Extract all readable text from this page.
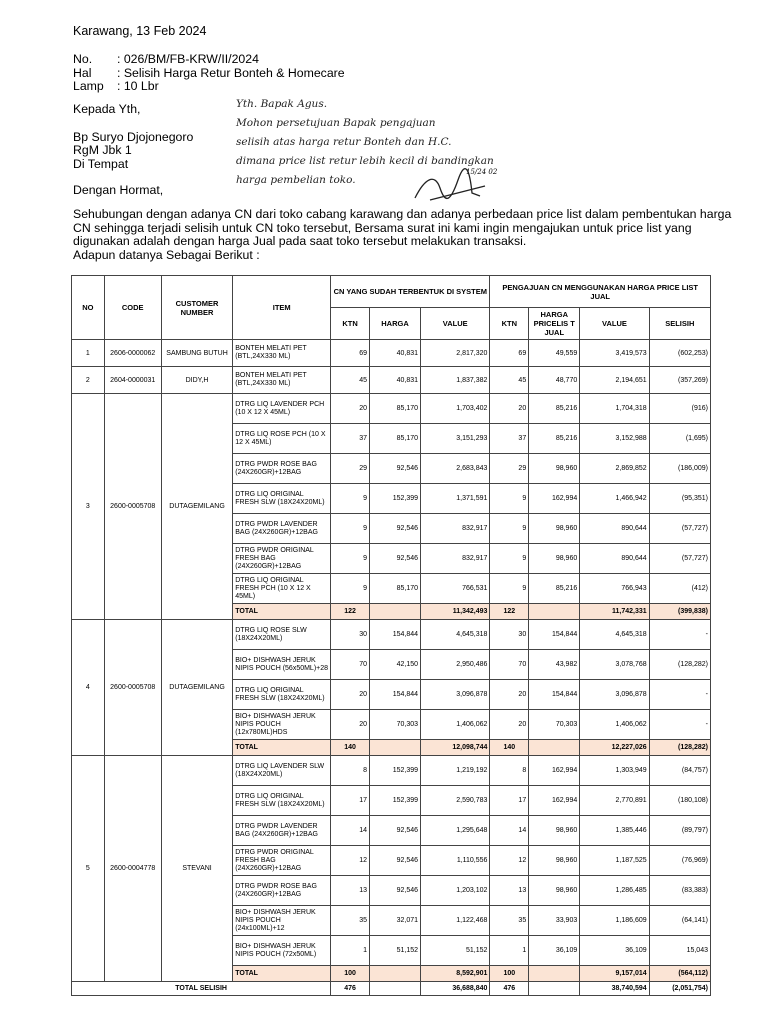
Karawang, 13 Feb 2024
No.	: 026/BM/FB-KRW/II/2024
Hal	: Selisih Harga Retur Bonteh & Homecare
Lamp	: 10 Lbr
Kepada Yth,
Bp Suryo Djojonegoro
RgM Jbk 1
Di Tempat
Yth. Bapak Agus.
Mohon persetujuan Bapak pengajuan
selisih atas harga retur Bonteh dan H.C.
dimana price list retur lebih kecil di bandingkan
harga pembelian toko.
15/24 02
Dengan Hormat,
Sehubungan dengan adanya CN dari toko cabang karawang dan adanya perbedaan price list dalam pembentukan harga CN sehingga terjadi selisih untuk CN toko tersebut, Bersama surat ini kami ingin mengajukan untuk price list yang digunakan adalah dengan harga Jual pada saat toko tersebut melakukan transaksi.
Adapun datanya Sebagai Berikut :
NO	CODE	CUSTOMER NUMBER	ITEM	CN YANG SUDAH TERBENTUK DI SYSTEM			PENGAJUAN CN MENGGUNAKAN HARGA PRICE LIST JUAL			
				KTN	HARGA	VALUE	KTN	HARGA PRICELIS T JUAL	VALUE	SELISIH
1	2606-0000062	SAMBUNG BUTUH	BONTEH MELATI PET (BTL,24X330 ML)	69	40,831	2,817,320	69	49,559	3,419,573	(602,253)
2	2604-0000031	DIDY,H	BONTEH MELATI PET (BTL,24X330 ML)	45	40,831	1,837,382	45	48,770	2,194,651	(357,269)
3	2600-0005708	DUTAGEMILANG	DTRG LIQ LAVENDER PCH (10 X 12 X 45ML)	20	85,170	1,703,402	20	85,216	1,704,318	(916)
			DTRG LIQ ROSE PCH (10 X 12 X 45ML)	37	85,170	3,151,293	37	85,216	3,152,988	(1,695)
			DTRG PWDR ROSE BAG (24X260GR)+12BAG	29	92,546	2,683,843	29	98,960	2,869,852	(186,009)
			DTRG LIQ ORIGINAL FRESH SLW (18X24X20ML)	9	152,399	1,371,591	9	162,994	1,466,942	(95,351)
			DTRG PWDR LAVENDER BAG (24X260GR)+12BAG	9	92,546	832,917	9	98,960	890,644	(57,727)
			DTRG PWDR ORIGINAL FRESH BAG (24X260GR)+12BAG	9	92,546	832,917	9	98,960	890,644	(57,727)
			DTRG LIQ ORIGINAL FRESH PCH (10 X 12 X 45ML)	9	85,170	766,531	9	85,216	766,943	(412)
			TOTAL	122		11,342,493	122		11,742,331	(399,838)
4	2600-0005708	DUTAGEMILANG	DTRG LIQ ROSE SLW (18X24X20ML)	30	154,844	4,645,318	30	154,844	4,645,318	-
			BIO+ DISHWASH JERUK NIPIS POUCH (56x50ML)+28	70	42,150	2,950,486	70	43,982	3,078,768	(128,282)
			DTRG LIQ ORIGINAL FRESH SLW (18X24X20ML)	20	154,844	3,096,878	20	154,844	3,096,878	-
			BIO+ DISHWASH JERUK NIPIS POUCH (12x780ML)HDS	20	70,303	1,406,062	20	70,303	1,406,062	-
			TOTAL	140		12,098,744	140		12,227,026	(128,282)
5	2600-0004778	STEVANI	DTRG LIQ LAVENDER SLW (18X24X20ML)	8	152,399	1,219,192	8	162,994	1,303,949	(84,757)
			DTRG LIQ ORIGINAL FRESH SLW (18X24X20ML)	17	152,399	2,590,783	17	162,994	2,770,891	(180,108)
			DTRG PWDR LAVENDER BAG (24X260GR)+12BAG	14	92,546	1,295,648	14	98,960	1,385,446	(89,797)
			DTRG PWDR ORIGINAL FRESH BAG (24X260GR)+12BAG	12	92,546	1,110,556	12	98,960	1,187,525	(76,969)
			DTRG PWDR ROSE BAG (24X260GR)+12BAG	13	92,546	1,203,102	13	98,960	1,286,485	(83,383)
			BIO+ DISHWASH JERUK NIPIS POUCH (24x100ML)+12	35	32,071	1,122,468	35	33,903	1,186,609	(64,141)
			BIO+ DISHWASH JERUK NIPIS POUCH (72x50ML)	1	51,152	51,152	1	36,109	36,109	15,043
			TOTAL	100		8,592,901	100		9,157,014	(564,112)
TOTAL SELISIH				476		36,688,840	476		38,740,594	(2,051,754)
